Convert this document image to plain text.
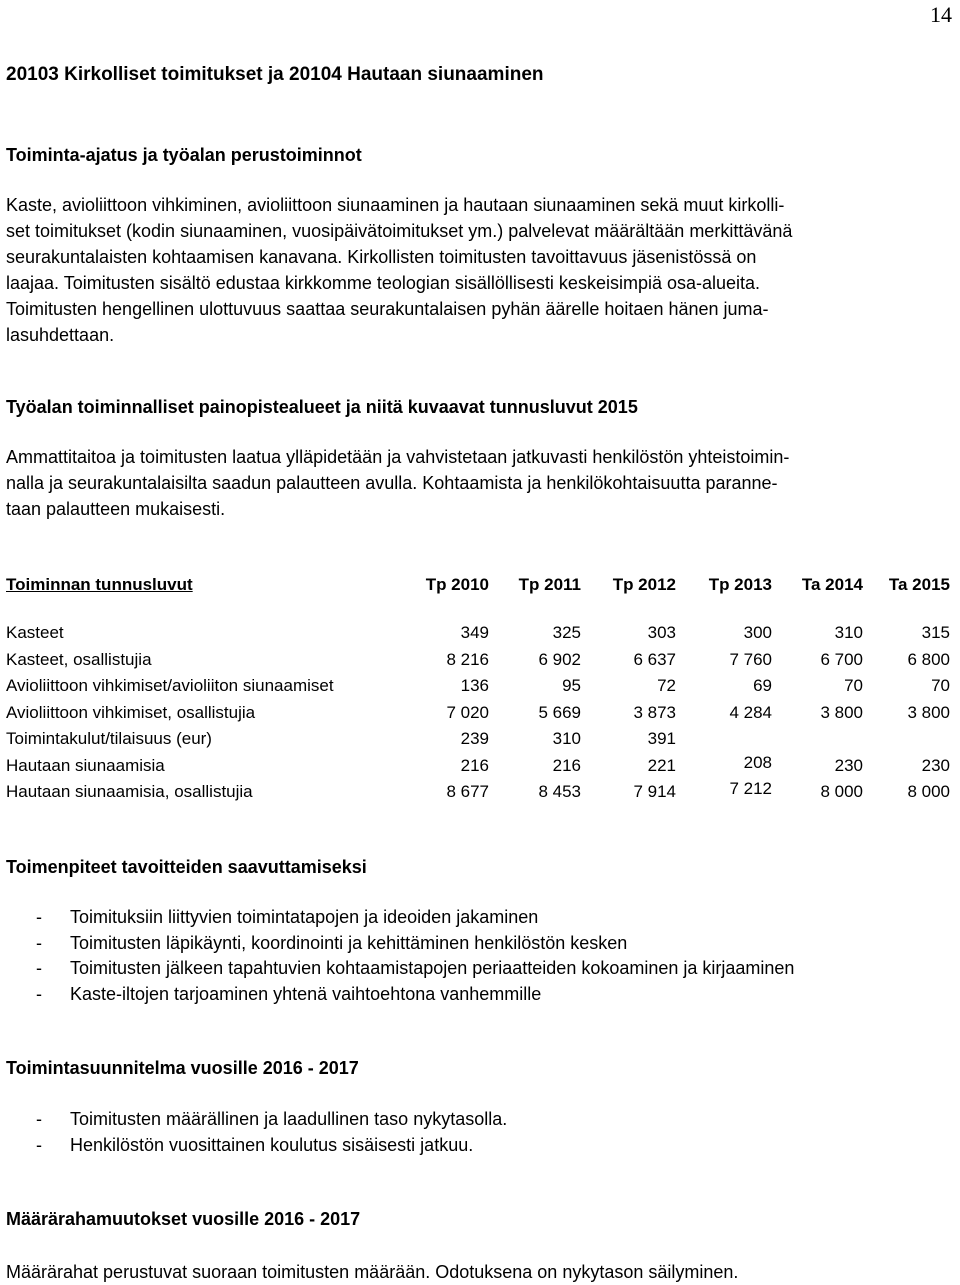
14
20103 Kirkolliset toimitukset ja 20104 Hautaan siunaaminen
Toiminta-ajatus ja työalan perustoiminnot

Kaste, avioliittoon vihkiminen, avioliittoon siunaaminen ja hautaan siunaaminen sekä muut kirkolli-
set toimitukset (kodin siunaaminen, vuosipäivätoimitukset ym.) palvelevat määrältään merkittävänä
seurakuntalaisten kohtaamisen kanavana. Kirkollisten toimitusten tavoittavuus jäsenistössä on
laajaa. Toimitusten sisältö edustaa kirkkomme teologian sisällöllisesti keskeisimpiä osa-alueita.
Toimitusten hengellinen ulottuvuus saattaa seurakuntalaisen pyhän äärelle hoitaen hänen juma-
lasuhdettaan.

Työalan toiminnalliset painopistealueet ja niitä kuvaavat tunnusluvut 2015

Ammattitaitoa ja toimitusten laatua ylläpidetään ja vahvistetaan jatkuvasti henkilöstön yhteistoimin-
nalla ja seurakuntalaisilta saadun palautteen avulla. Kohtaamista ja henkilökohtaisuutta paranne-
taan palautteen mukaisesti.

Toiminnan tunnusluvut	Tp 2010	Tp 2011	Tp 2012	Tp 2013	Ta 2014	Ta 2015
Kasteet	349	325	303	300	310	315
Kasteet, osallistujia	8 216	6 902	6 637	7 760	6 700	6 800
Avioliittoon vihkimiset/avioliiton siunaamiset	136	95	72	69	70	70
Avioliittoon vihkimiset, osallistujia	7 020	5 669	3 873	4 284	3 800	3 800
Toimintakulut/tilaisuus (eur)	239	310	391			
Hautaan siunaamisia	216	216	221	208	230	230
Hautaan siunaamisia, osallistujia	8 677	8 453	7 914	7 212	8 000	8 000
Toimenpiteet tavoitteiden saavuttamiseksi
- Toimituksiin liittyvien toimintatapojen ja ideoiden jakaminen
- Toimitusten läpikäynti, koordinointi ja kehittäminen henkilöstön kesken
- Toimitusten jälkeen tapahtuvien kohtaamistapojen periaatteiden kokoaminen ja kirjaaminen
- Kaste-iltojen tarjoaminen yhtenä vaihtoehtona vanhemmille
Toimintasuunnitelma vuosille 2016 - 2017
- Toimitusten määrällinen ja laadullinen taso nykytasolla.
- Henkilöstön vuosittainen koulutus sisäisesti jatkuu.
Määrärahamuutokset vuosille 2016 - 2017

Määrärahat perustuvat suoraan toimitusten määrään. Odotuksena on nykytason säilyminen.
